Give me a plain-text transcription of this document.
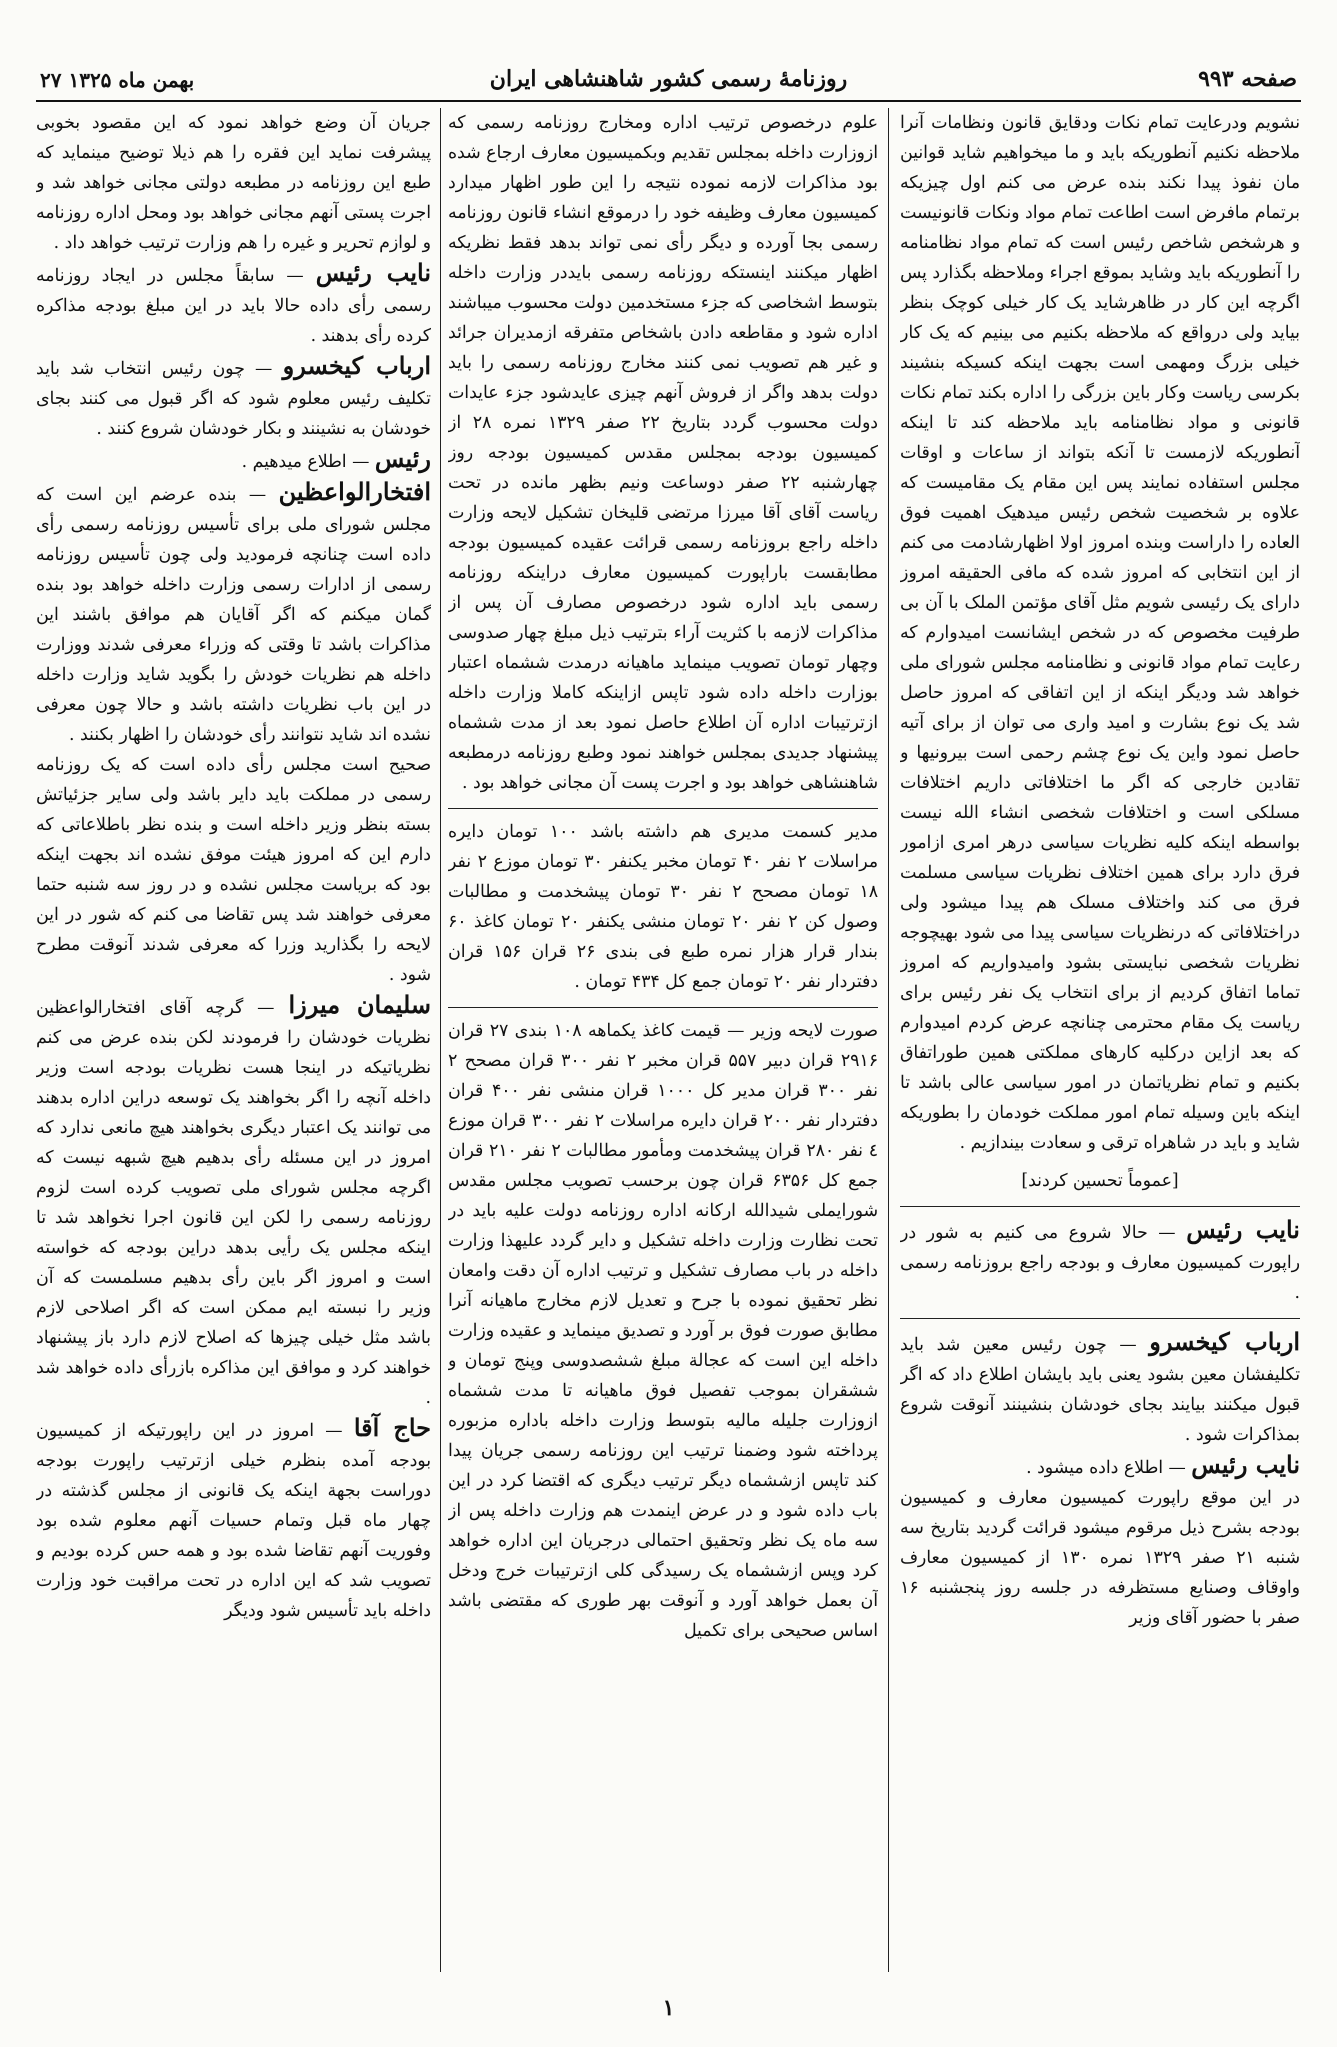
۲۷ بهمن ماه ۱۳۲۵	روزنامهٔ رسمی کشور شاهنشاهی ایران	صفحه ۹۹۳

نشویم ودرعایت تمام نکات ودقایق قانون ونظامات آنرا ملاحظه نکنیم آنطوریکه باید و ما میخواهیم شاید قوانین مان نفوذ پیدا نکند بنده عرض می کنم اول چیزیکه برتمام مافرض است اطاعت تمام مواد ونکات قانونیست و هرشخص شاخص رئیس است که تمام مواد نظامنامه را آنطوریکه باید وشاید بموقع اجراء وملاحظه بگذارد پس اگرچه این کار در ظاهرشاید یک کار خیلی کوچک بنظر بیاید ولی درواقع که ملاحظه بکنیم می بینیم که یک کار خیلی بزرگ ومهمی است بجهت اینکه کسیکه بنشیند بکرسی ریاست وکار باین بزرگی را اداره بکند تمام نکات قانونی و مواد نظامنامه باید ملاحظه کند تا اینکه آنطوریکه لازمست تا آنکه بتواند از ساعات و اوقات مجلس استفاده نمایند پس این مقام یک مقامیست که علاوه بر شخصیت شخص رئیس میدهیک اهمیت فوق العاده را داراست وبنده امروز اولا اظهارشادمت می کنم از این انتخابی که امروز شده که مافی الحقیقه امروز دارای یک رئیسی شویم مثل آقای مؤتمن الملک با آن بی طرفیت مخصوص که در شخص ایشانست امیدوارم که رعایت تمام مواد قانونی و نظامنامه مجلس شورای ملی خواهد شد ودیگر اینکه از این اتفاقی که امروز حاصل شد یک نوع بشارت و امید واری می توان از برای آتیه حاصل نمود واین یک نوع چشم رحمی است بیرونیها و تقادین خارجی که اگر ما اختلافاتی داریم اختلافات مسلکی است و اختلافات شخصی انشاء الله نیست بواسطه اینکه کلیه نظریات سیاسی درهر امری ازامور فرق دارد برای همین اختلاف نظریات سیاسی مسلمت فرق می کند واختلاف مسلک هم پیدا میشود ولی دراختلافاتی که درنظریات سیاسی پیدا می شود بهیچوجه نظریات شخصی نبایستی بشود وامیدواریم که امروز تماما اتفاق کردیم از برای انتخاب یک نفر رئیس برای ریاست یک مقام محترمی چنانچه عرض کردم امیدوارم که بعد ازاین درکلیه کارهای مملکتی همین طوراتفاق بکنیم و تمام نظریاتمان در امور سیاسی عالی باشد تا اینکه باین وسیله تمام امور مملکت خودمان را بطوریکه شاید و باید در شاهراه ترقی و سعادت بیندازیم .

[عموماً تحسین کردند]

نایب رئیس — حالا شروع می کنیم به شور در راپورت کمیسیون معارف و بودجه راجع بروزنامه رسمی .

ارباب کیخسرو — چون رئیس معین شد باید تکلیفشان معین بشود یعنی باید بایشان اطلاع داد که اگر قبول میکنند بیایند بجای خودشان بنشینند آنوقت شروع بمذاکرات شود .

نایب رئیس — اطلاع داده میشود .

در این موقع راپورت کمیسیون معارف و کمیسیون بودجه بشرح ذیل مرقوم میشود قرائت گردید بتاریخ سه شنبه ۲۱ صفر ۱۳۲۹ نمره ۱۳۰ از کمیسیون معارف واوقاف وصنایع مستظرفه در جلسه روز پنجشنبه ۱۶ صفر با حضور آقای وزیر

علوم درخصوص ترتیب اداره ومخارج روزنامه رسمی که ازوزارت داخله بمجلس تقدیم وبکمیسیون معارف ارجاع شده بود مذاکرات لازمه نموده نتیجه را این طور اظهار میدارد کمیسیون معارف وظیفه خود را درموقع انشاء قانون روزنامه رسمی بجا آورده و دیگر رأی نمی تواند بدهد فقط نظریکه اظهار میکنند اینستکه روزنامه رسمی بایددر وزارت داخله بتوسط اشخاصی که جزء مستخدمین دولت محسوب میباشند اداره شود و مقاطعه دادن باشخاص متفرقه ازمدیران جرائد و غیر هم تصویب نمی کنند مخارج روزنامه رسمی را باید دولت بدهد واگر از فروش آنهم چیزی عایدشود جزء عایدات دولت محسوب گردد بتاریخ ۲۲ صفر ۱۳۲۹ نمره ۲۸ از کمیسیون بودجه بمجلس مقدس کمیسیون بودجه روز چهارشنبه ۲۲ صفر دوساعت ونیم بظهر مانده در تحت ریاست آقای آقا میرزا مرتضی قلیخان تشکیل لایحه وزارت داخله راجع بروزنامه رسمی قرائت عقیده کمیسیون بودجه مطابقست باراپورت کمیسیون معارف دراینکه روزنامه رسمی باید اداره شود درخصوص مصارف آن پس از مذاکرات لازمه با کثریت آراء بترتیب ذیل مبلغ چهار صدوسی وچهار تومان تصویب مینماید ماهیانه درمدت ششماه اعتبار بوزارت داخله داده شود تاپس ازاینکه کاملا وزارت داخله ازترتیبات اداره آن اطلاع حاصل نمود بعد از مدت ششماه پیشنهاد جدیدی بمجلس خواهند نمود وطبع روزنامه درمطبعه شاهنشاهی خواهد بود و اجرت پست آن مجانی خواهد بود .

مدیر کسمت مدیری هم داشته باشد ۱۰۰ تومان دایره مراسلات ۲ نفر ۴۰ تومان مخبر یکنفر ۳۰ تومان موزع ۲ نفر ۱۸ تومان مصحح ۲ نفر ۳۰ تومان پیشخدمت و مطالبات وصول کن ۲ نفر ۲۰ تومان منشی یکنفر ۲۰ تومان کاغذ ۶۰ بندار قرار هزار نمره طبع فی بندی ۲۶ قران ۱۵۶ قران دفتردار نفر ۲۰ تومان جمع کل ۴۳۴ تومان .

صورت لایحه وزیر — قیمت کاغذ یکماهه ۱۰۸ بندی ۲۷ قران ۲۹۱۶ قران دبیر ۵۵۷ قران مخبر ۲ نفر ۳۰۰ قران مصحح ۲ نفر ۳۰۰ قران مدیر کل ۱۰۰۰ قران منشی نفر ۴۰۰ قران دفتردار نفر ۲۰۰ قران دایره مراسلات ۲ نفر ۳۰۰ قران موزع ٤ نفر ۲۸۰ قران پیشخدمت ومأمور مطالبات ۲ نفر ۲۱۰ قران جمع کل ۶۳۵۶ قران چون برحسب تصویب مجلس مقدس شورایملی شیدالله ارکانه اداره روزنامه دولت علیه باید در تحت نظارت وزارت داخله تشکیل و دایر گردد علیهذا وزارت داخله در باب مصارف تشکیل و ترتیب اداره آن دقت وامعان نظر تحقیق نموده با جرح و تعدیل لازم مخارج ماهیانه آنرا مطابق صورت فوق بر آورد و تصدیق مینماید و عقیده وزارت داخله این است که عجالة مبلغ ششصدوسی وپنج تومان و ششقران بموجب تفصیل فوق ماهیانه تا مدت ششماه ازوزارت جلیله مالیه بتوسط وزارت داخله باداره مزبوره پرداخته شود وضمنا ترتیب این روزنامه رسمی جریان پیدا کند تاپس ازششماه دیگر ترتیب دیگری که اقتضا کرد در این باب داده شود و در عرض اینمدت هم وزارت داخله پس از سه ماه یک نظر وتحقیق احتمالی درجریان این اداره خواهد کرد وپس ازششماه یک رسیدگی کلی ازترتیبات خرج ودخل آن بعمل خواهد آورد و آنوقت بهر طوری که مقتضی باشد اساس صحیحی برای تکمیل

جریان آن وضع خواهد نمود که این مقصود بخوبی پیشرفت نماید این فقره را هم ذیلا توضیح مینماید که طبع این روزنامه در مطبعه دولتی مجانی خواهد شد و اجرت پستی آنهم مجانی خواهد بود ومحل اداره روزنامه و لوازم تحریر و غیره را هم وزارت ترتیب خواهد داد .

نایب رئیس — سابقاً مجلس در ایجاد روزنامه رسمی رأی داده حالا باید در این مبلغ بودجه مذاکره کرده رأی بدهند .

ارباب کیخسرو — چون رئیس انتخاب شد باید تکلیف رئیس معلوم شود که اگر قبول می کنند بجای خودشان به نشینند و بکار خودشان شروع کنند .

رئیس — اطلاع میدهیم .

افتخارالواعظین — بنده عرضم این است که مجلس شورای ملی برای تأسیس روزنامه رسمی رأی داده است چنانچه فرمودید ولی چون تأسیس روزنامه رسمی از ادارات رسمی وزارت داخله خواهد بود بنده گمان میکنم که اگر آقایان هم موافق باشند این مذاکرات باشد تا وقتی که وزراء معرفی شدند ووزارت داخله هم نظریات خودش را بگوید شاید وزارت داخله در این باب نظریات داشته باشد و حالا چون معرفی نشده اند شاید نتوانند رأی خودشان را اظهار بکنند .

صحیح است مجلس رأی داده است که یک روزنامه رسمی در مملکت باید دایر باشد ولی سایر جزئیاتش بسته بنظر وزیر داخله است و بنده نظر باطلاعاتی که دارم این که امروز هیئت موفق نشده اند بجهت اینکه بود که بریاست مجلس نشده و در روز سه شنبه حتما معرفی خواهند شد پس تقاضا می کنم که شور در این لایحه را بگذارید وزرا که معرفی شدند آنوقت مطرح شود .

سلیمان میرزا — گرچه آقای افتخارالواعظین نظریات خودشان را فرمودند لکن بنده عرض می کنم نظریاتیکه در اینجا هست نظریات بودجه است وزیر داخله آنچه را اگر بخواهند یک توسعه دراین اداره بدهند می توانند یک اعتبار دیگری بخواهند هیچ مانعی ندارد که امروز در این مسئله رأی بدهیم هیچ شبهه نیست که اگرچه مجلس شورای ملی تصویب کرده است لزوم روزنامه رسمی را لکن این قانون اجرا نخواهد شد تا اینکه مجلس یک رأیی بدهد دراین بودجه که خواسته است و امروز اگر باین رأی بدهیم مسلمست که آن وزیر را نبسته ایم ممکن است که اگر اصلاحی لازم باشد مثل خیلی چیزها که اصلاح لازم دارد باز پیشنهاد خواهند کرد و موافق این مذاکره بازرأی داده خواهد شد .

حاج آقا — امروز در این راپورتیکه از کمیسیون بودجه آمده بنظرم خیلی ازترتیب راپورت بودجه دوراست بجهة اینکه یک قانونی از مجلس گذشته در چهار ماه قبل وتمام حسیات آنهم معلوم شده بود وفوریت آنهم تقاضا شده بود و همه حس کرده بودیم و تصویب شد که این اداره در تحت مراقبت خود وزارت داخله باید تأسیس شود ودیگر

۱
